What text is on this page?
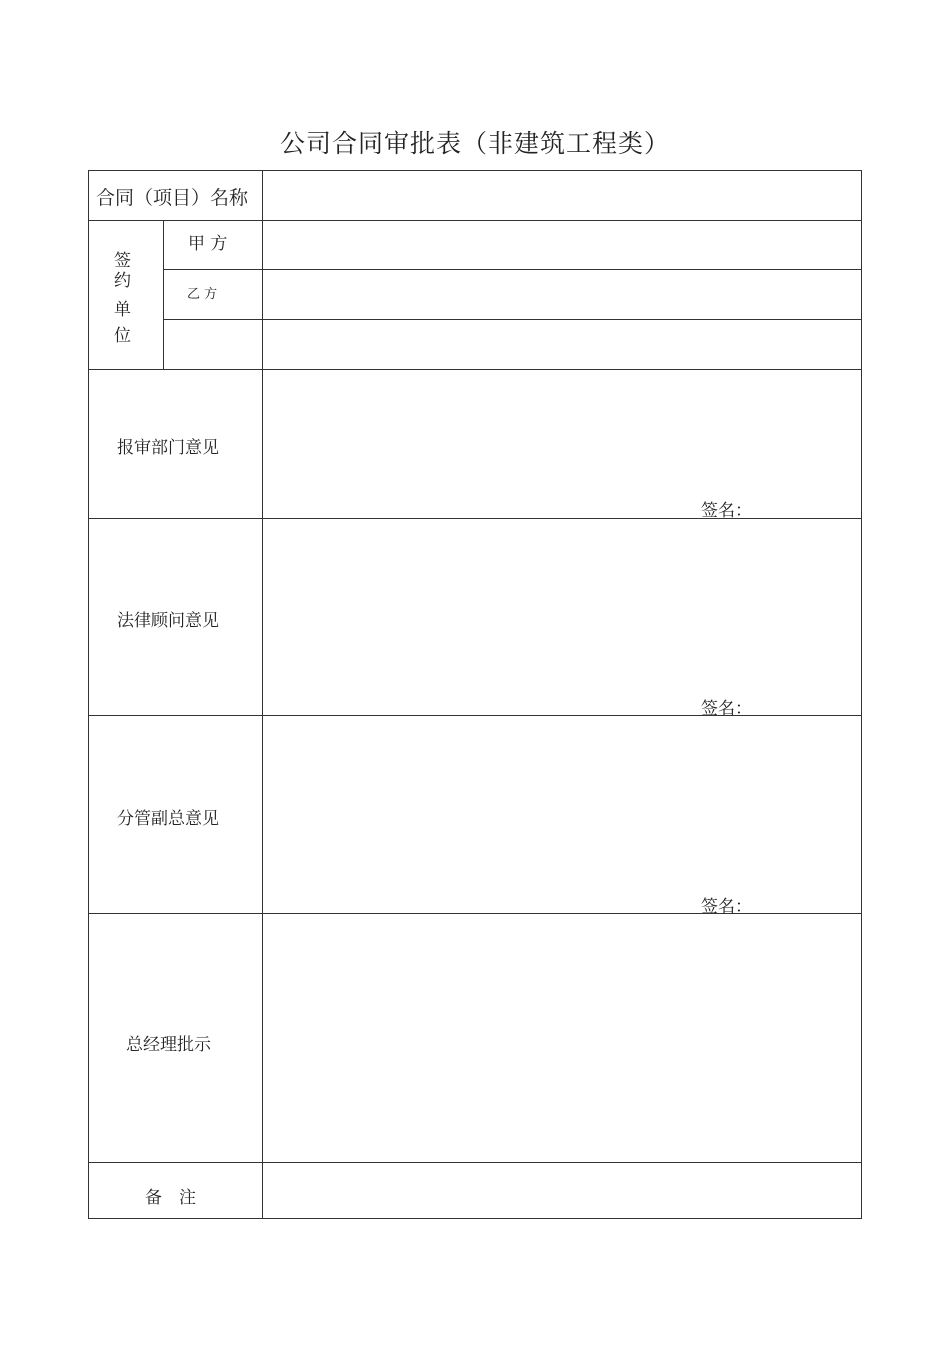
公司合同审批表（非建筑工程类）
合同（项目）名称
签
约
单
位
甲 方
乙 方
报审部门意见
签名：
法律顾问意见
签名：
分管副总意见
签名：
总经理批示
备　注
